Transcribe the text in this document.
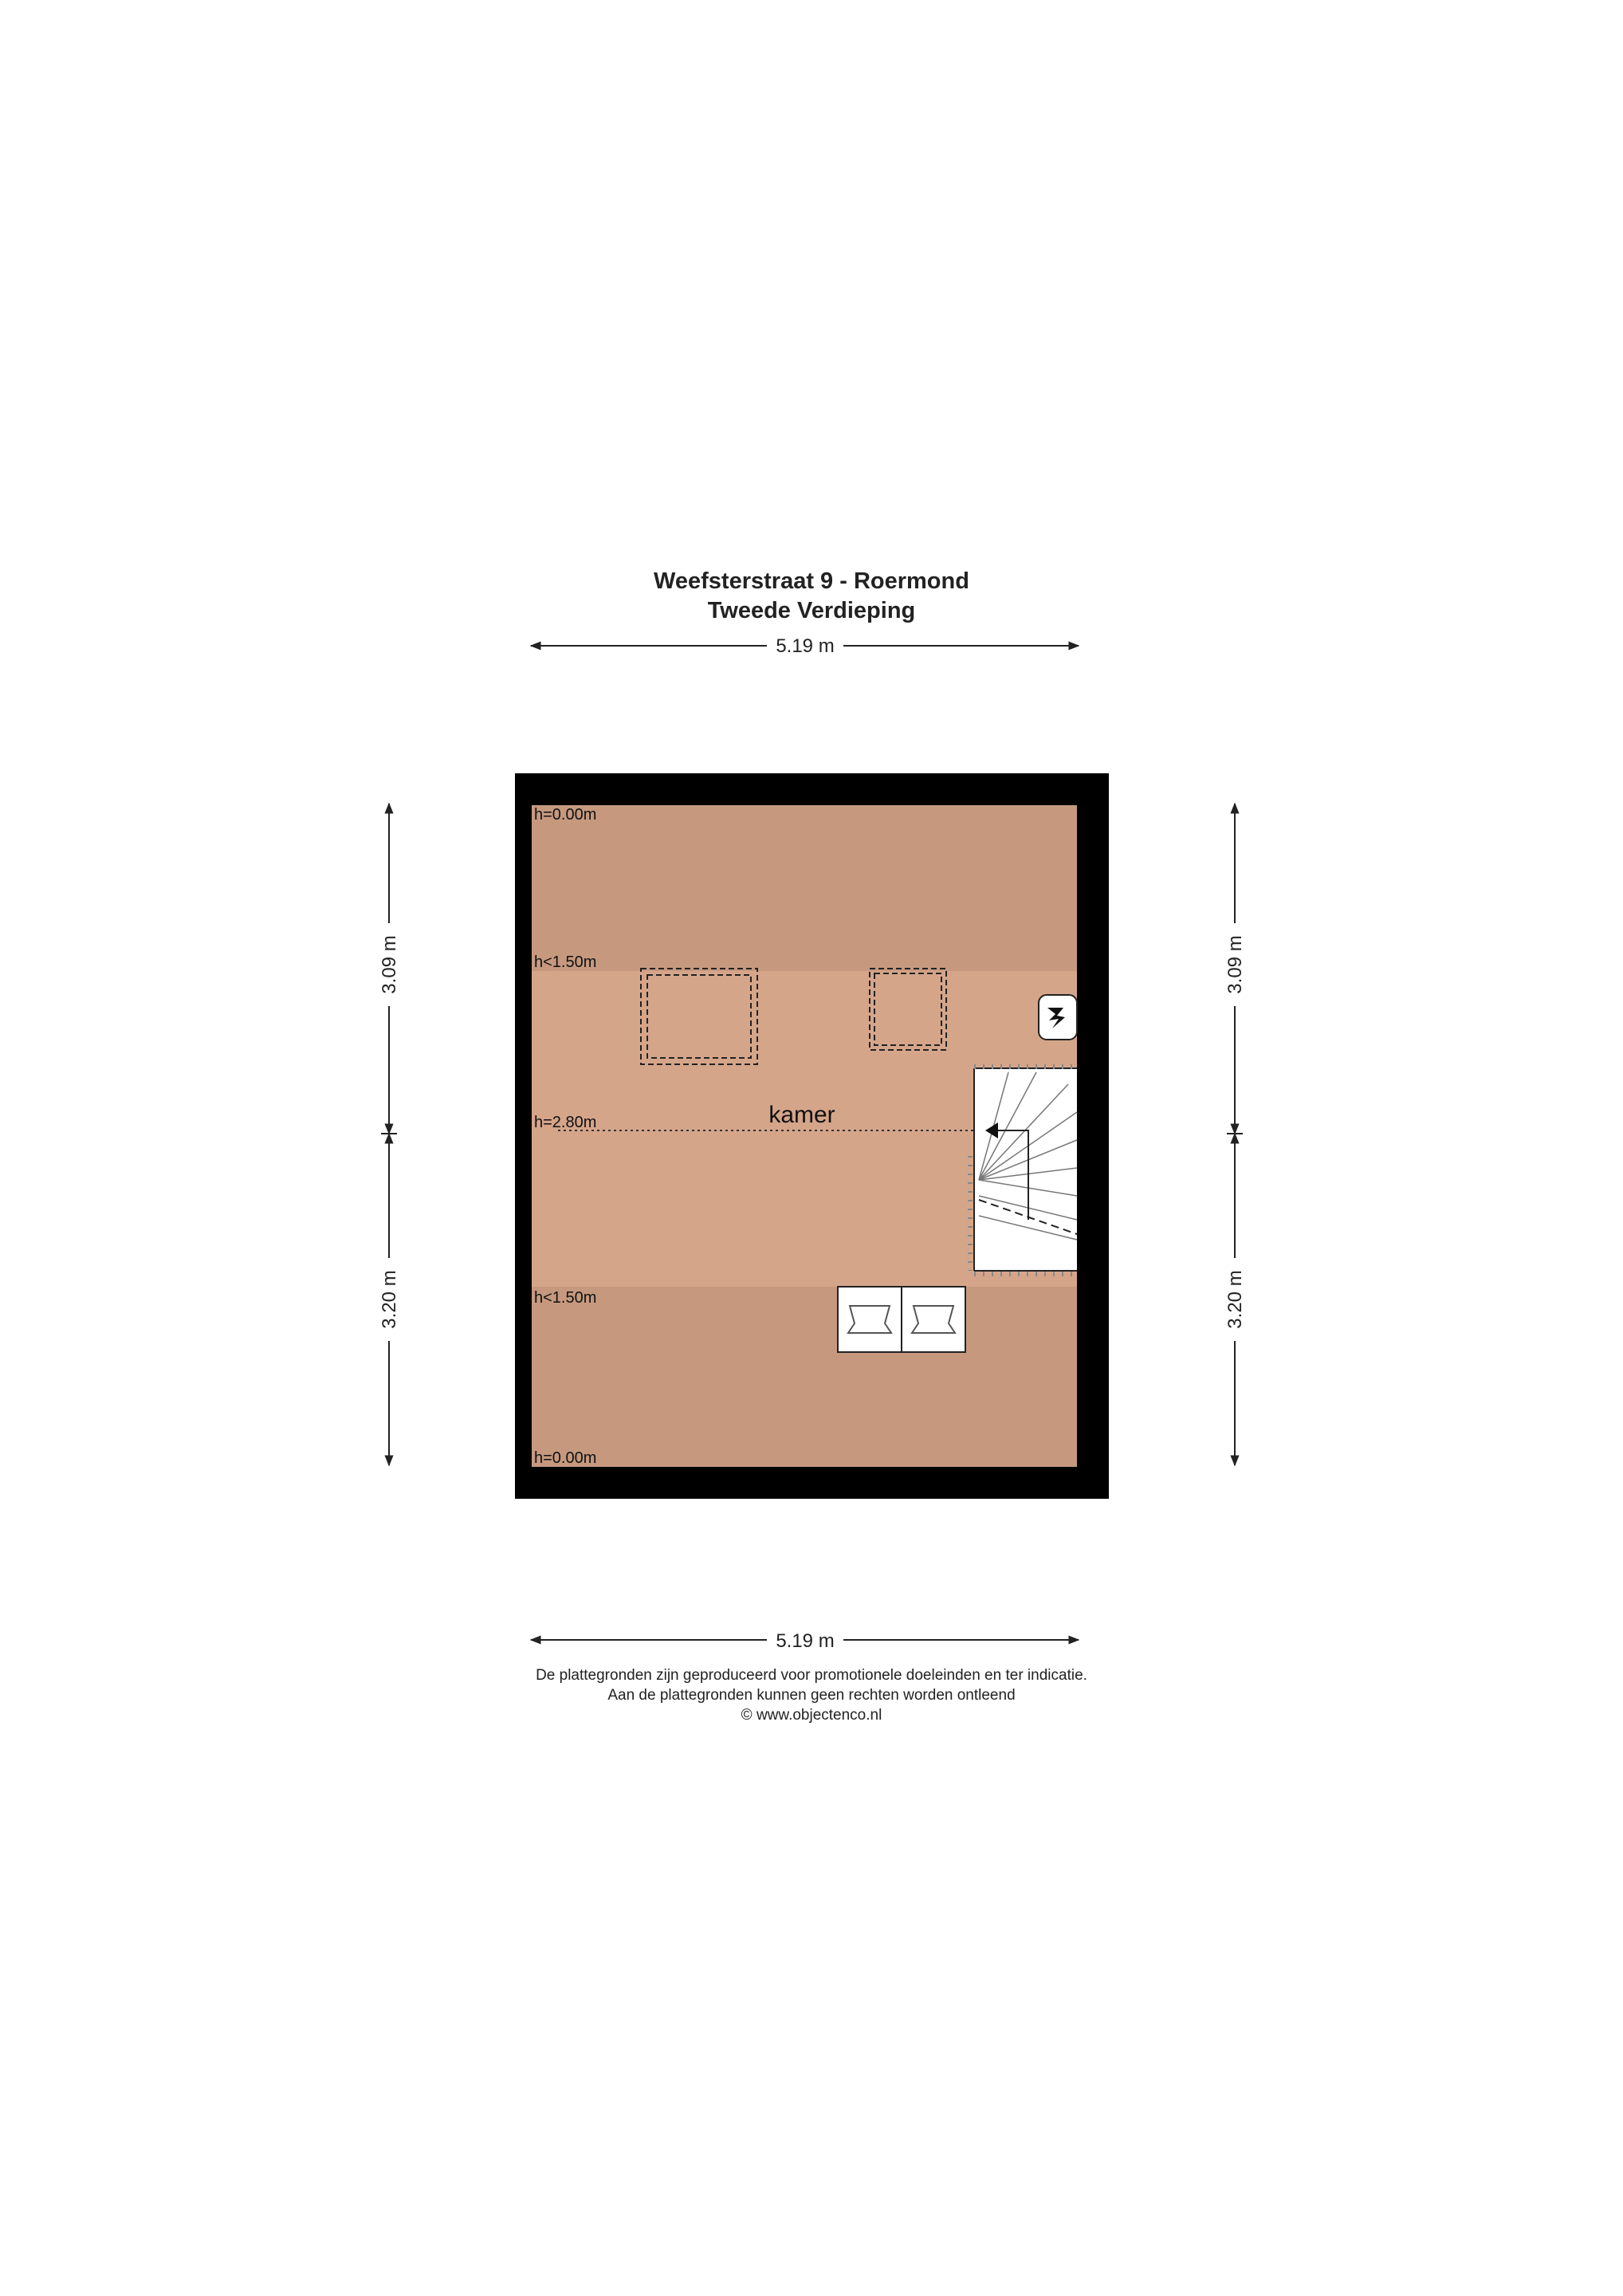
Weefsterstraat 9 - Roermond
Tweede Verdieping
5.19 m
3.09 m
3.20 m
3.09 m
3.20 m
h=0.00m
h<1.50m
h=2.80m
h<1.50m
h=0.00m
kamer
5.19 m
De plattegronden zijn geproduceerd voor promotionele doeleinden en ter indicatie.
Aan de plattegronden kunnen geen rechten worden ontleend
© www.objectenco.nl
